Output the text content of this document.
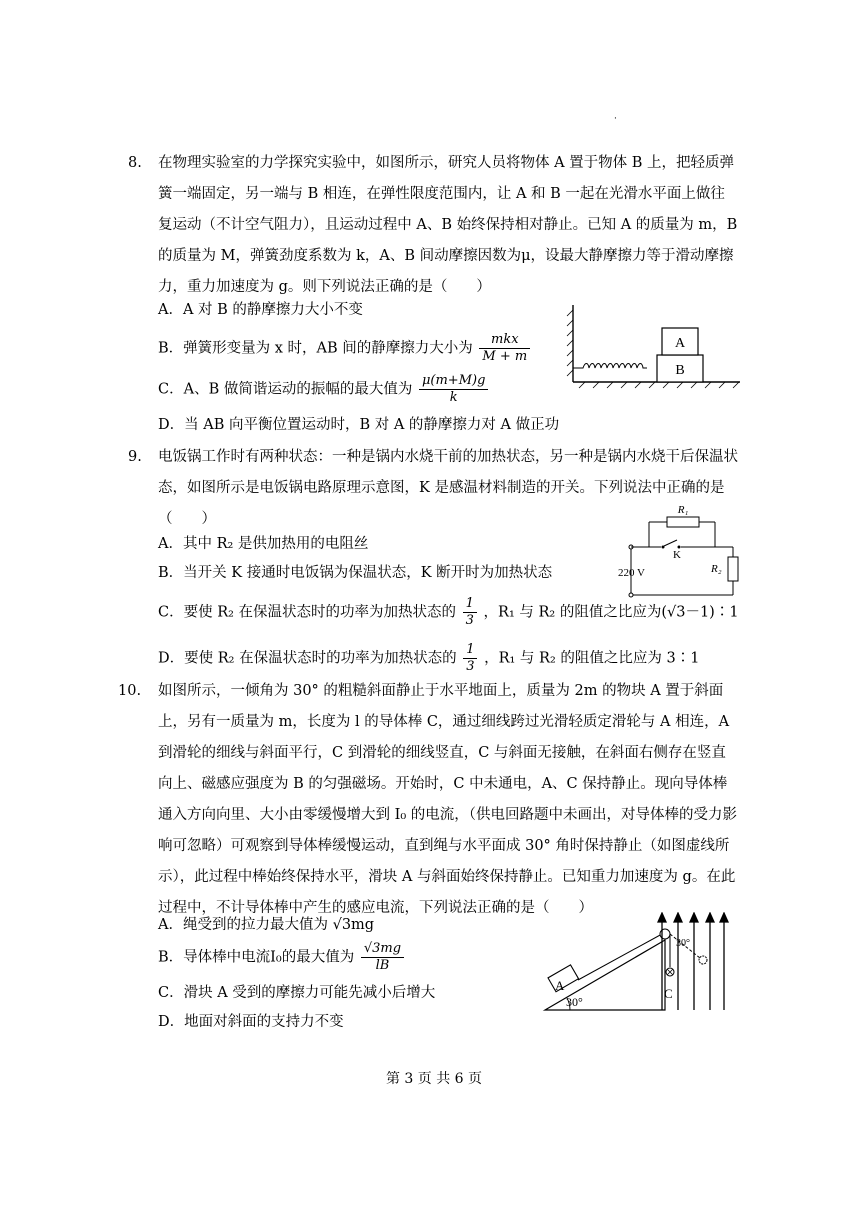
·
8.	在物理实验室的力学探究实验中，如图所示，研究人员将物体 A 置于物体 B 上，把轻质弹簧一端固定，另一端与 B 相连，在弹性限度范围内，让 A 和 B 一起在光滑水平面上做往复运动（不计空气阻力），且运动过程中 A、B 始终保持相对静止。已知 A 的质量为 m，B 的质量为 M，弹簧劲度系数为 k，A、B 间动摩擦因数为μ，设最大静摩擦力等于滑动摩擦力，重力加速度为 g。则下列说法正确的是（　　）
A．A 对 B 的静摩擦力大小不变
B．弹簧形变量为 x 时，AB 间的静摩擦力大小为 $\frac{\text{mkx}}{M + m}$
C．A、B 做简谐运动的振幅的最大值为 $\frac{\mu(m+M)g}{k}$
D．当 AB 向平衡位置运动时，B 对 A 的静摩擦力对 A 做正功
A
B
9.	电饭锅工作时有两种状态：一种是锅内水烧干前的加热状态，另一种是锅内水烧干后保温状态，如图所示是电饭锅电路原理示意图，K 是感温材料制造的开关。下列说法中正确的是（　　）
A．其中 R₂ 是供加热用的电阻丝
B．当开关 K 接通时电饭锅为保温状态，K 断开时为加热状态
C．要使 R₂ 在保温状态时的功率为加热状态的 $\frac{1}{3}$ ，R₁ 与 R₂ 的阻值之比应为(√3－1)∶1
D．要使 R₂ 在保温状态时的功率为加热状态的 $\frac{1}{3}$ ，R₁ 与 R₂ 的阻值之比应为 3∶1
R₁
K
R₂
220 V
10.	如图所示，一倾角为 30° 的粗糙斜面静止于水平地面上，质量为 2m 的物块 A 置于斜面上，另有一质量为 m，长度为 l 的导体棒 C，通过细线跨过光滑轻质定滑轮与 A 相连，A 到滑轮的细线与斜面平行，C 到滑轮的细线竖直，C 与斜面无接触，在斜面右侧存在竖直向上、磁感应强度为 B 的匀强磁场。开始时，C 中未通电，A、C 保持静止。现向导体棒通入方向向里、大小由零缓慢增大到 I₀ 的电流，（供电回路题中未画出，对导体棒的受力影响可忽略）可观察到导体棒缓慢运动，直到绳与水平面成 30° 角时保持静止（如图虚线所示），此过程中棒始终保持水平，滑块 A 与斜面始终保持静止。已知重力加速度为 g。在此过程中，不计导体棒中产生的感应电流，下列说法正确的是（　　）
A．绳受到的拉力最大值为 √3mg
B．导体棒中电流I₀的最大值为 $\frac{√3mg}{lB}$
C．滑块 A 受到的摩擦力可能先减小后增大
D．地面对斜面的支持力不变
30°
A
30°
C
第 3 页 共 6 页
